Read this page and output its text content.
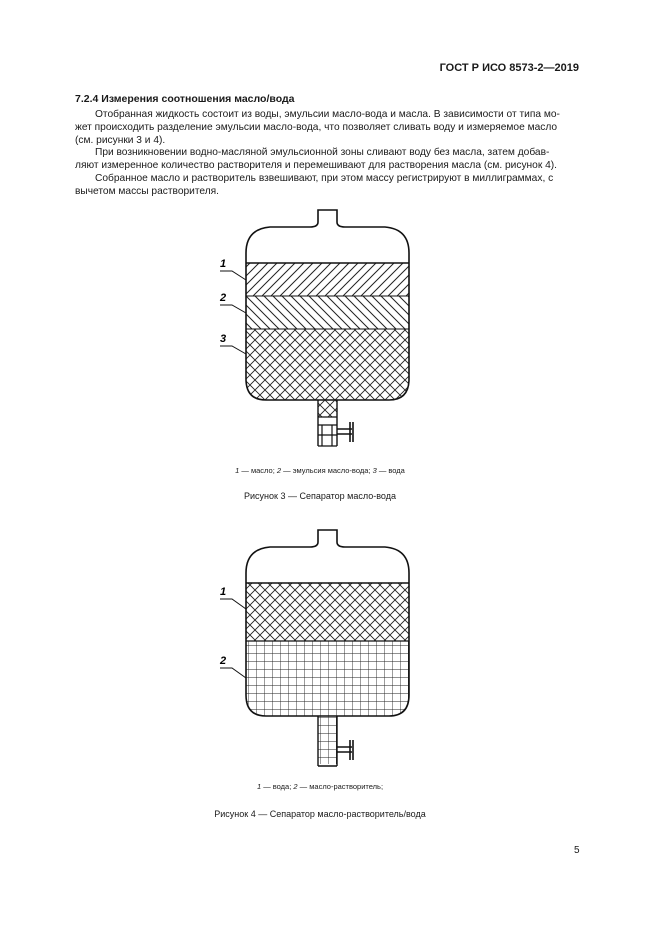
ГОСТ Р ИСО 8573-2—2019
7.2.4 Измерения соотношения масло/вода

Отобранная жидкость состоит из воды, эмульсии масло-вода и масла. В зависимости от типа мо-

жет происходить разделение эмульсии масло-вода, что позволяет сливать воду и измеряемое масло

(см. рисунки 3 и 4).

При возникновении водно-масляной эмульсионной зоны сливают воду без масла, затем добав-

ляют измеренное количество растворителя и перемешивают для растворения масла (см. рисунок 4).

Собранное масло и растворитель взвешивают, при этом массу регистрируют в миллиграммах, с

вычетом массы растворителя.

1
2
3
1 — масло; 2 — эмульсия масло-вода; 3 — вода
Рисунок 3 — Сепаратор масло-вода
1
2
1 — вода; 2 — масло-растворитель;
Рисунок 4 — Сепаратор масло-растворитель/вода
5
